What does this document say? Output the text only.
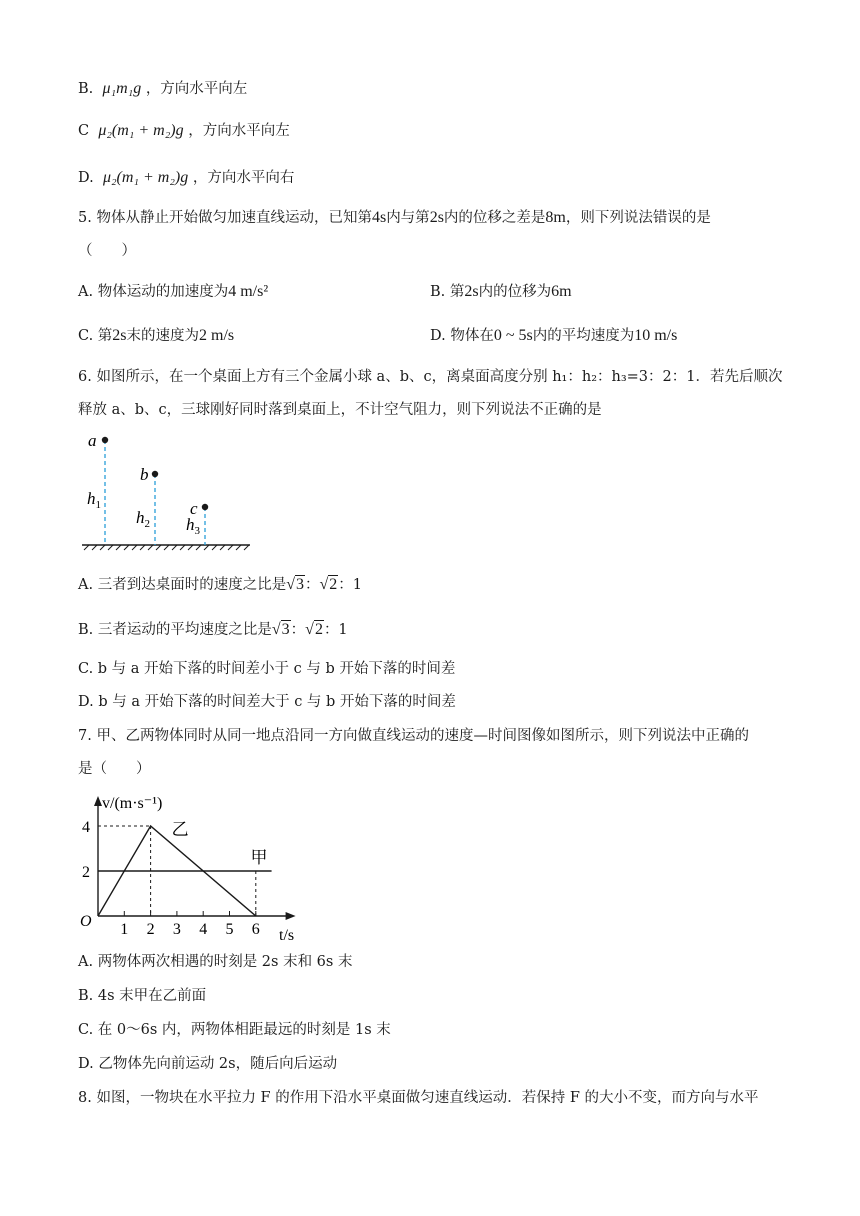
B. μ₁m₁g ，方向水平向左
C μ₂(m₁ + m₂)g ，方向水平向左
D. μ₂(m₁ + m₂)g ，方向水平向右
5. 物体从静止开始做匀加速直线运动，已知第4s内与第2s内的位移之差是8m，则下列说法错误的是
（　　）
A. 物体运动的加速度为4 m/s²	B. 第2s内的位移为6m
C. 第2s末的速度为2 m/s	D. 物体在0 ~ 5s内的平均速度为10 m/s
6. 如图所示，在一个桌面上方有三个金属小球 a、b、c，离桌面高度分别 h₁：h₂：h₃=3：2：1．若先后顺次
释放 a、b、c，三球刚好同时落到桌面上，不计空气阻力，则下列说法不正确的是
a
b
c
$h_1$
$h_2$ $h_3$
A. 三者到达桌面时的速度之比是√3：√2：1
B. 三者运动的平均速度之比是√3：√2：1
C. b 与 a 开始下落的时间差小于 c 与 b 开始下落的时间差
D. b 与 a 开始下落的时间差大于 c 与 b 开始下落的时间差
7. 甲、乙两物体同时从同一地点沿同一方向做直线运动的速度—时间图像如图所示，则下列说法中正确的
是（　　）
v/(m·s⁻¹)
t/s
O 1 2 3 4 5 6
2
4
甲
乙
A. 两物体两次相遇的时刻是 2s 末和 6s 末
B. 4s 末甲在乙前面
C. 在 0～6s 内，两物体相距最远的时刻是 1s 末
D. 乙物体先向前运动 2s，随后向后运动
8. 如图，一物块在水平拉力 F 的作用下沿水平桌面做匀速直线运动．若保持 F 的大小不变，而方向与水平
